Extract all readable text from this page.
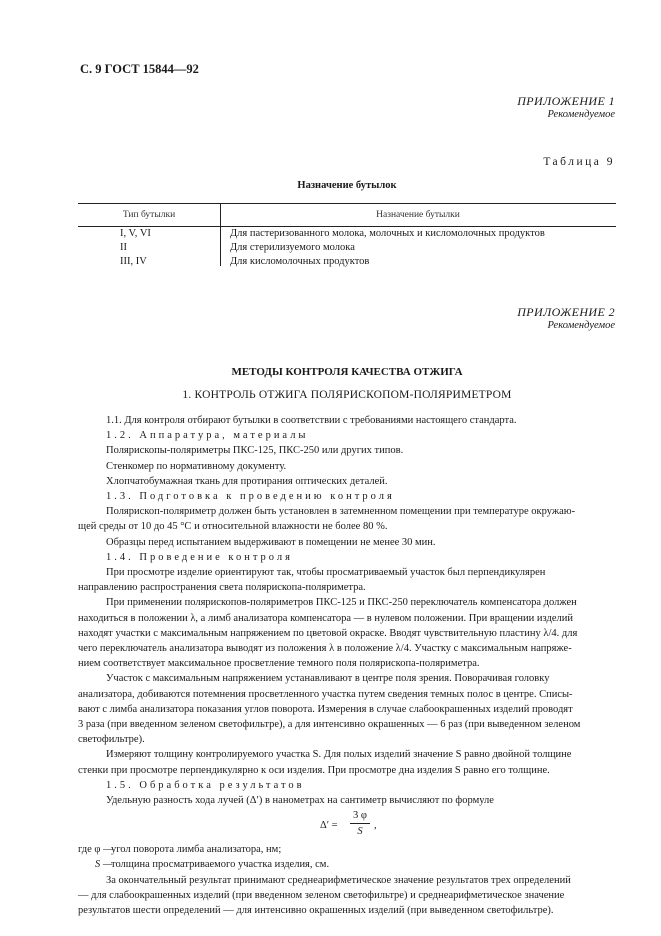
С. 9 ГОСТ 15844—92
ПРИЛОЖЕНИЕ 1
Рекомендуемое
Таблица 9
Назначение бутылок
Тип бутылки	Назначение бутылки
I, V, VI	Для пастеризованного молока, молочных и кисломолочных продуктов
II	Для стерилизуемого молока
III, IV	Для кисломолочных продуктов
ПРИЛОЖЕНИЕ 2
Рекомендуемое
МЕТОДЫ КОНТРОЛЯ КАЧЕСТВА ОТЖИГА
1. КОНТРОЛЬ ОТЖИГА ПОЛЯРИСКОПОМ-ПОЛЯРИМЕТРОМ
1.1. Для контроля отбирают бутылки в соответствии с требованиями настоящего стандарта.
1.2. Аппаратура, материалы
Полярископы-поляриметры ПКС-125, ПКС-250 или других типов.
Стенкомер по нормативному документу.
Хлопчатобумажная ткань для протирания оптических деталей.
1.3. Подготовка к проведению контроля
Полярископ-поляриметр должен быть установлен в затемненном помещении при температуре окружаю-
щей среды от 10 до 45 °С и относительной влажности не более 80 %.
Образцы перед испытанием выдерживают в помещении не менее 30 мин.
1.4. Проведение контроля
При просмотре изделие ориентируют так, чтобы просматриваемый участок был перпендикулярен
направлению распространения света полярископа-поляриметра.
При применении полярископов-поляриметров ПКС-125 и ПКС-250 переключатель компенсатора должен
находиться в положении λ, а лимб анализатора компенсатора — в нулевом положении. При вращении изделий
находят участки с максимальным напряжением по цветовой окраске. Вводят чувствительную пластину λ/4. для
чего переключатель анализатора выводят из положения λ в положение λ/4. Участку с максимальным напряже-
нием соответствует максимальное просветление темного поля полярископа-поляриметра.
Участок с максимальным напряжением устанавливают в центре поля зрения. Поворачивая головку
анализатора, добиваются потемнения просветленного участка путем сведения темных полос в центре. Списы-
вают с лимба анализатора показания углов поворота. Измерения в случае слабоокрашенных изделий проводят
3 раза (при введенном зеленом светофильтре), а для интенсивно окрашенных — 6 раз (при выведенном зеленом
светофильтре).
Измеряют толщину контролируемого участка S. Для полых изделий значение S равно двойной толщине
стенки при просмотре перпендикулярно к оси изделия. При просмотре дна изделия S равно его толщине.
1.5. Обработка результатов
Удельную разность хода лучей (Δ′) в нанометрах на сантиметр вычисляют по формуле
$\Delta' = \frac{3 \varphi}{S}$ ,
где φ —
угол поворота лимба анализатора, нм;
S —
толщина просматриваемого участка изделия, см.
За окончательный результат принимают среднеарифметическое значение результатов трех определений
— для слабоокрашенных изделий (при введенном зеленом светофильтре) и среднеарифметическое значение
результатов шести определений — для интенсивно окрашенных изделий (при выведенном светофильтре).
